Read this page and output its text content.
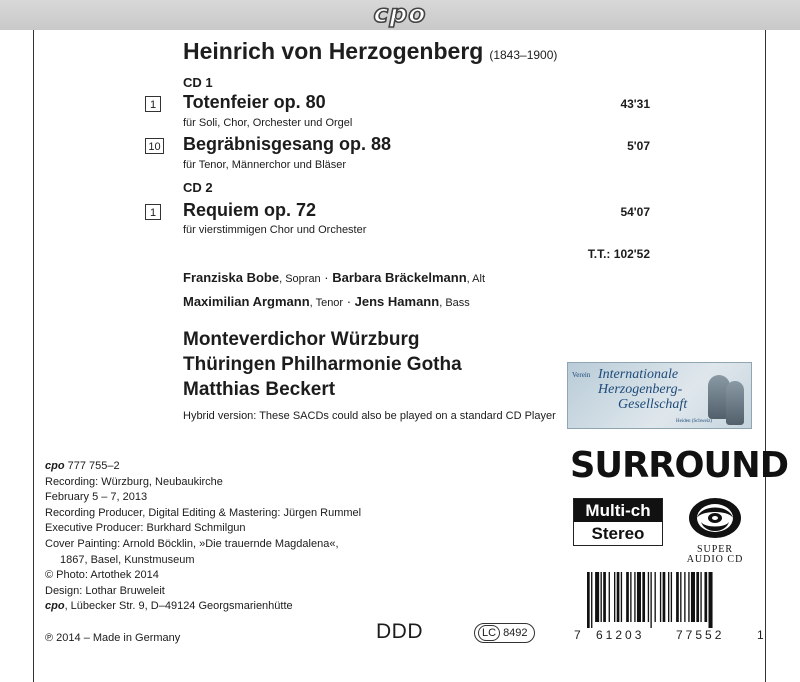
cpo
Heinrich von Herzogenberg (1843–1900)
CD 1
1 Totenfeier op. 80	43'31
für Soli, Chor, Orchester und Orgel
10 Begräbnisgesang op. 88	5'07
für Tenor, Männerchor und Bläser
CD 2
1 Requiem op. 72	54'07
für vierstimmigen Chor und Orchester
T.T.: 102'52
Franziska Bobe, Sopran · Barbara Bräckelmann, Alt
Maximilian Argmann, Tenor · Jens Hamann, Bass
Monteverdichor Würzburg
Thüringen Philharmonie Gotha
Matthias Beckert
Hybrid version: These SACDs could also be played on a standard CD Player
Verein Internationale
Herzogenberg-
Gesellschaft
Heiden (Schweiz)
cpo 777 755–2
Recording: Würzburg, Neubaukirche
February 5 – 7, 2013
Recording Producer, Digital Editing & Mastering: Jürgen Rummel
Executive Producer: Burkhard Schmilgun
Cover Painting: Arnold Böcklin, »Die trauernde Magdalena«,
1867, Basel, Kunstmuseum
© Photo: Artothek 2014
Design: Lothar Bruweleit
cpo, Lübecker Str. 9, D–49124 Georgsmarienhütte
℗ 2014 – Made in Germany
SURROUND
Multi-ch
Stereo
SUPER
AUDIO CD
DDD	LC 8492	7 61203	77552	1
